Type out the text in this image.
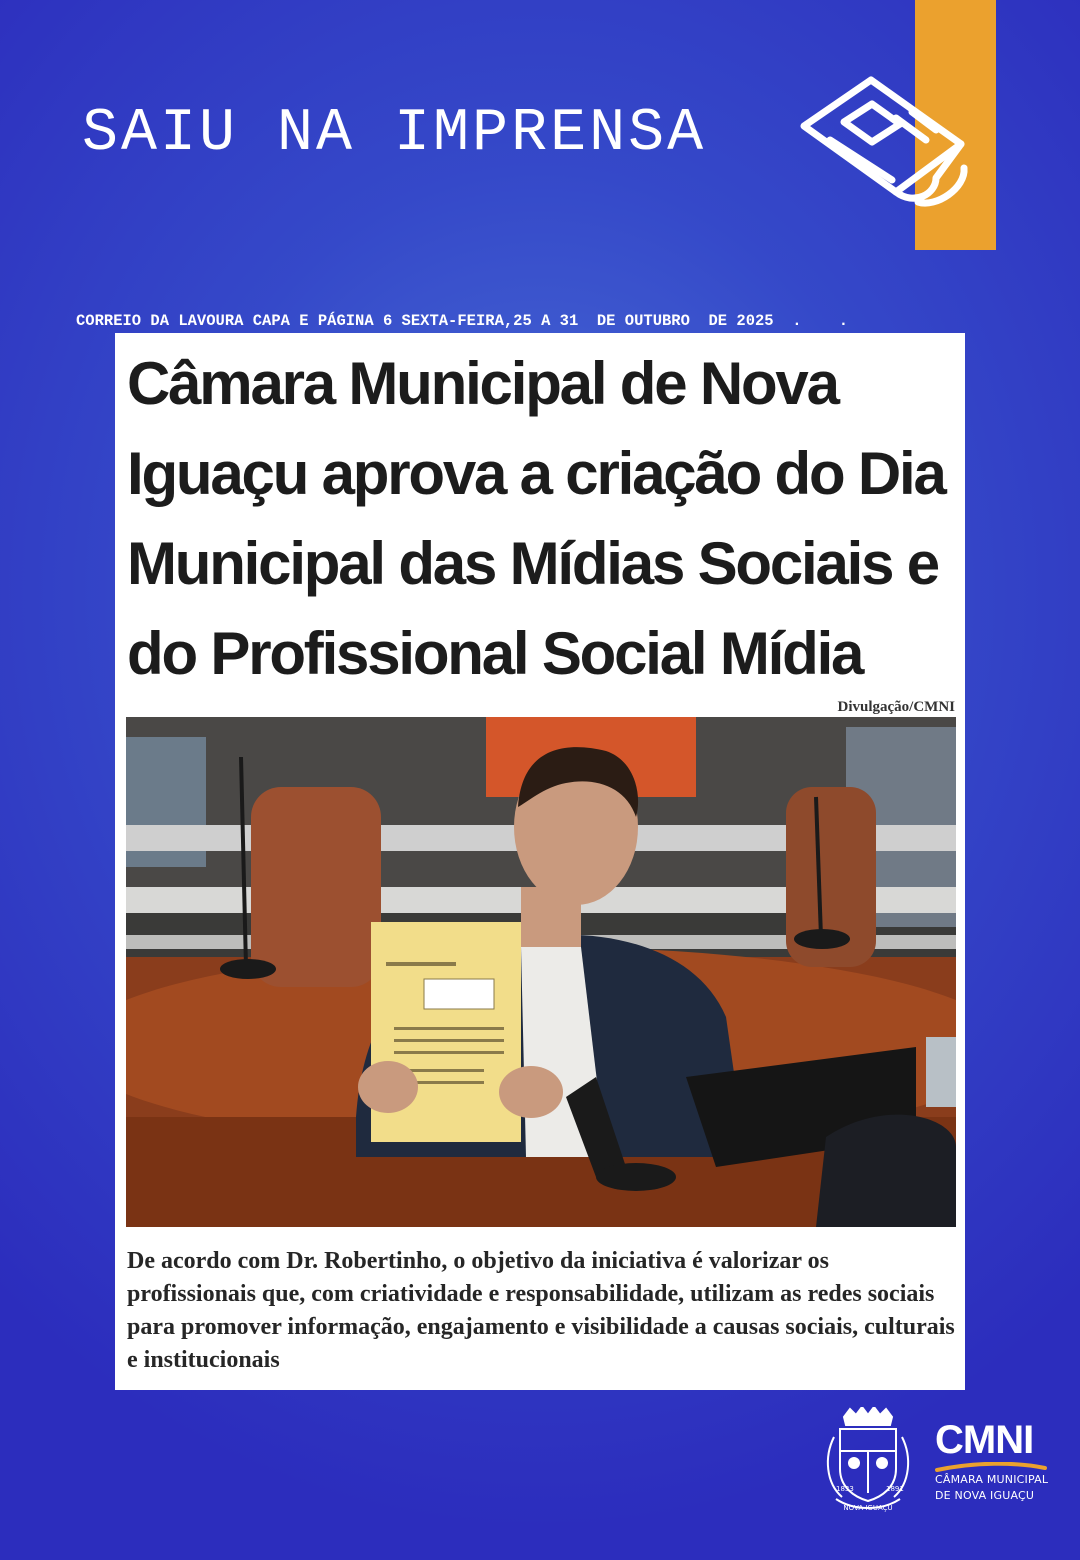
SAIU NA IMPRENSA
CORREIO DA LAVOURA CAPA E PÁGINA 6 SEXTA-FEIRA,25 A 31  DE OUTUBRO  DE 2025  .    .
Câmara Municipal de Nova Iguaçu aprova a criação do Dia Municipal das Mídias Sociais e do Profissional Social Mídia
Divulgação/CMNI

De acordo com Dr. Robertinho, o objetivo da iniciativa é valorizar os profissionais que, com criatividade e responsabilidade, utilizam as redes sociais para promover informação, engajamento e visibilidade a causas sociais, culturais e institucionais

1833	1891
NOVA IGUAÇU
CMNI
CÂMARA MUNICIPAL
DE NOVA IGUAÇU
